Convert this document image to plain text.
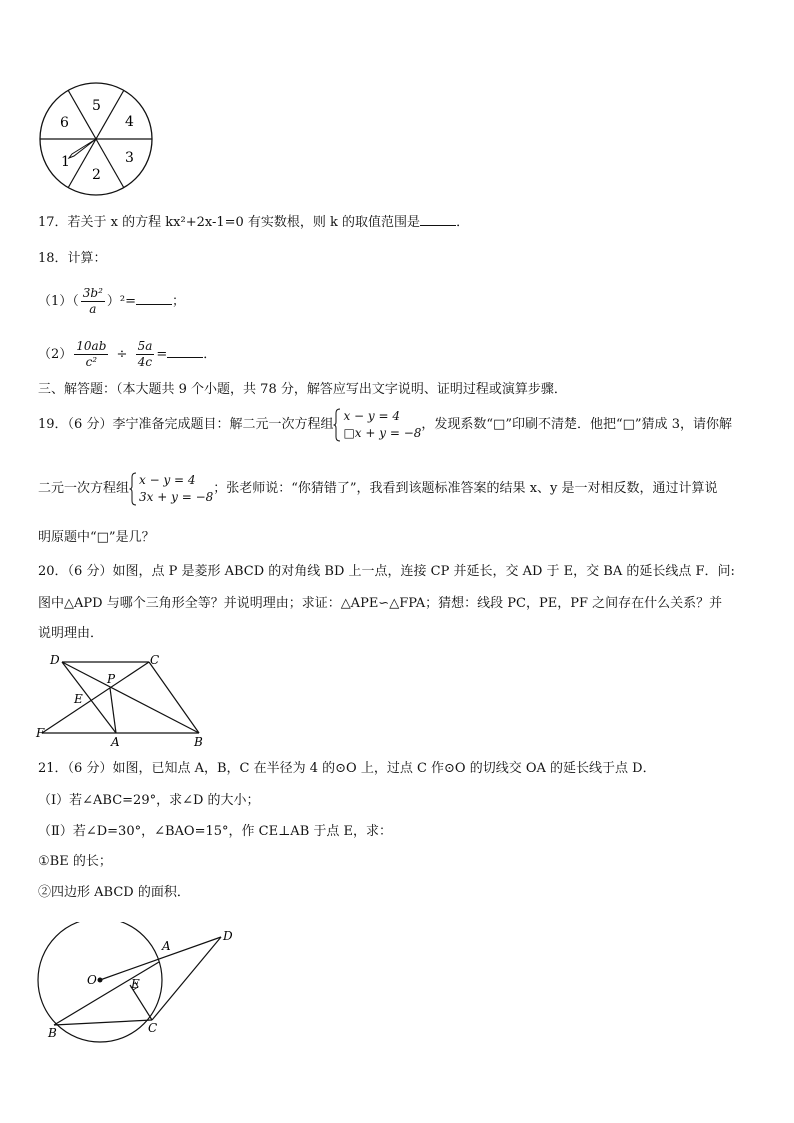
5
4
3
2
1
6
17．若关于 x 的方程 kx²+2x-1=0 有实数根，则 k 的取值范围是	．
18．计算：
$(1)( \frac{\text{3b²}}{a} )^2=$	；
$(2) \frac{10ab}{\text{c²}} \div \frac{5a}{4c}$ =	．
三、解答题：（本大题共 9 个小题，共 78 分，解答应写出文字说明、证明过程或演算步骤．
19．（6 分）李宁准备完成题目：解二元一次方程组
x − y = 4
□x + y = −8
，发现系数“□”印刷不清楚．他把“□”猜成 3，请你解
二元一次方程组
x − y = 4
3x + y = −8
；张老师说：“你猜错了”，我看到该题标准答案的结果 x、y 是一对相反数，通过计算说
明原题中“□”是几？
20．（6 分）如图，点 P 是菱形 ABCD 的对角线 BD 上一点，连接 CP 并延长，交 AD 于 E，交 BA 的延长线点 F．问:
图中△APD 与哪个三角形全等？并说明理由；求证：△APE∽△FPA；猜想：线段 PC，PE，PF 之间存在什么关系？并
说明理由．
D	C
P
E
F
A	B
21．（6 分）如图，已知点 A，B，C 在半径为 4 的⊙O 上，过点 C 作⊙O 的切线交 OA 的延长线于点 D．
（Ⅰ）若∠ABC=29°，求∠D 的大小；
（Ⅱ）若∠D=30°，∠BAO=15°，作 CE⊥AB 于点 E，求：
①BE 的长；
②四边形 ABCD 的面积．
A
D
O	E
B	C
